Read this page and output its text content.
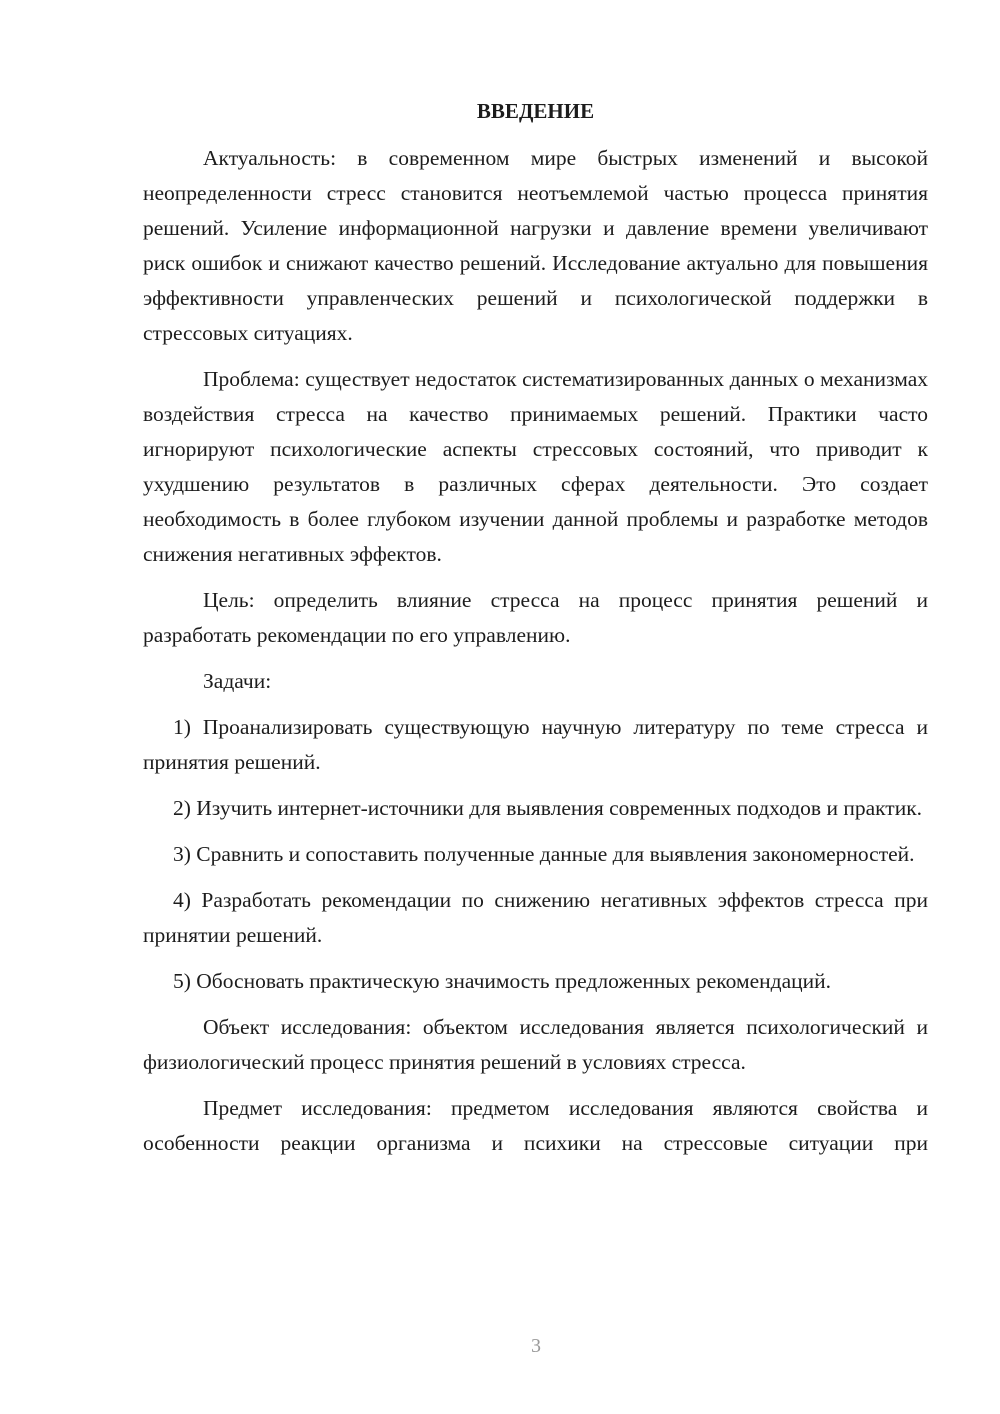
ВВЕДЕНИЕ

Актуальность: в современном мире быстрых изменений и высокой неопределенности стресс становится неотъемлемой частью процесса принятия решений. Усиление информационной нагрузки и давление времени увеличивают риск ошибок и снижают качество решений. Исследование актуально для повышения эффективности управленческих решений и психологической поддержки в стрессовых ситуациях.

Проблема: существует недостаток систематизированных данных о механизмах воздействия стресса на качество принимаемых решений. Практики часто игнорируют психологические аспекты стрессовых состояний, что приводит к ухудшению результатов в различных сферах деятельности. Это создает необходимость в более глубоком изучении данной проблемы и разработке методов снижения негативных эффектов.

Цель: определить влияние стресса на процесс принятия решений и разработать рекомендации по его управлению.

Задачи:

1) Проанализировать существующую научную литературу по теме стресса и принятия решений.

2) Изучить интернет-источники для выявления современных подходов и практик.

3) Сравнить и сопоставить полученные данные для выявления закономерностей.

4) Разработать рекомендации по снижению негативных эффектов стресса при принятии решений.

5) Обосновать практическую значимость предложенных рекомендаций.

Объект исследования: объектом исследования является психологический и физиологический процесс принятия решений в условиях стресса.

Предмет исследования: предметом исследования являются свойства и особенности реакции организма и психики на стрессовые ситуации при

3
